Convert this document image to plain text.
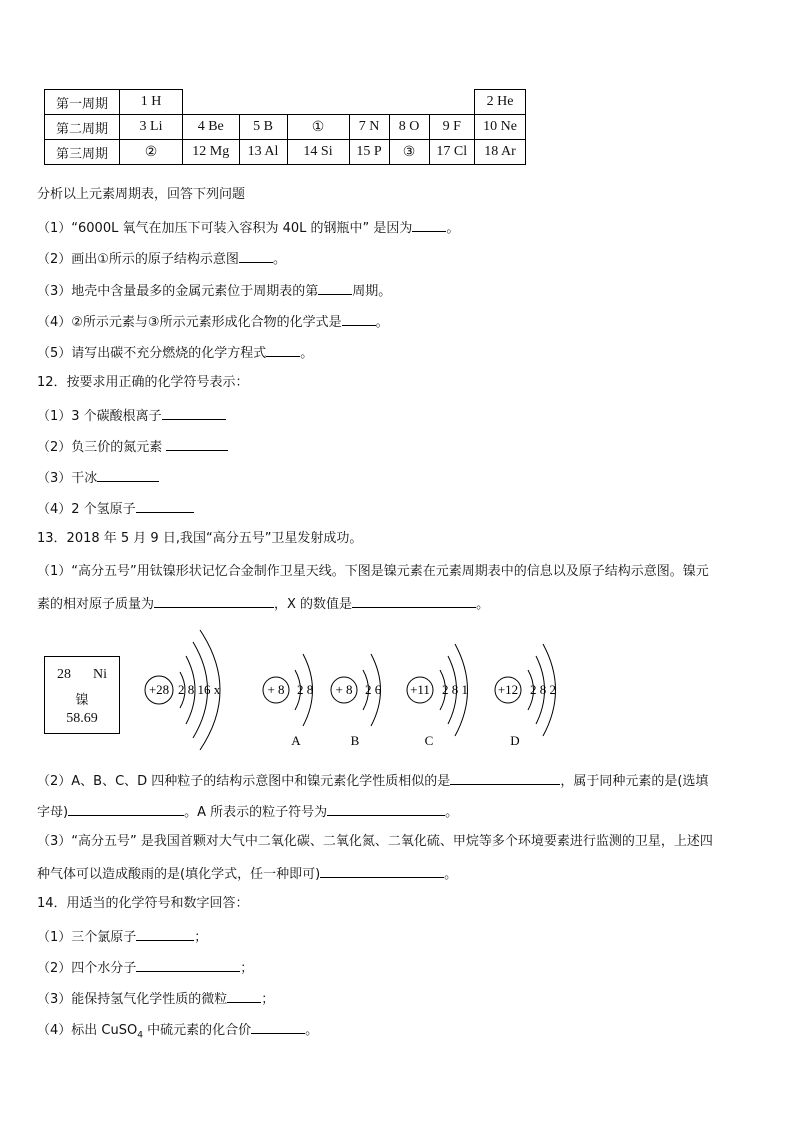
第一周期	1 H							2 He
第二周期	3 Li	4 Be	5 B	①	7 N	8 O	9 F	10 Ne
第三周期	②	12 Mg	13 Al	14 Si	15 P	③	17 Cl	18 Ar
分析以上元素周期表，回答下列问题
（1）“6000L 氧气在加压下可装入容积为 40L 的钢瓶中” 是因为	。
（2）画出①所示的原子结构示意图	。
（3）地壳中含量最多的金属元素位于周期表的第	周期。
（4）②所示元素与③所示元素形成化合物的化学式是	。
（5）请写出碳不充分燃烧的化学方程式	。
12．按要求用正确的化学符号表示：
（1）3 个碳酸根离子
（2）负三价的氮元素
（3）干冰
（4）2 个氢原子
13．2018 年 5 月 9 日,我国“高分五号”卫星发射成功。
（1）“高分五号”用钛镍形状记忆合金制作卫星天线。下图是镍元素在元素周期表中的信息以及原子结构示意图。镍元
素的相对原子质量为	，X 的数值是	。
28 Ni
镍
58.69
+28 2 8 16 x	+ 8 2 8
A
+ 8 2 6
B
+11 2 8 1
C
+12 2 8 2
D
（2）A、B、C、D 四种粒子的结构示意图中和镍元素化学性质相似的是	，属于同种元素的是(选填
字母)	。A 所表示的粒子符号为	。
（3）“高分五号” 是我国首颗对大气中二氧化碳、二氧化氮、二氧化硫、甲烷等多个环境要素进行监测的卫星，上述四
种气体可以造成酸雨的是(填化学式，任一种即可)	。
14．用适当的化学符号和数字回答：
（1）三个氯原子	；
（2）四个水分子	；
（3）能保持氢气化学性质的微粒	；
（4）标出 CuSO$_4$ 中硫元素的化合价	。
